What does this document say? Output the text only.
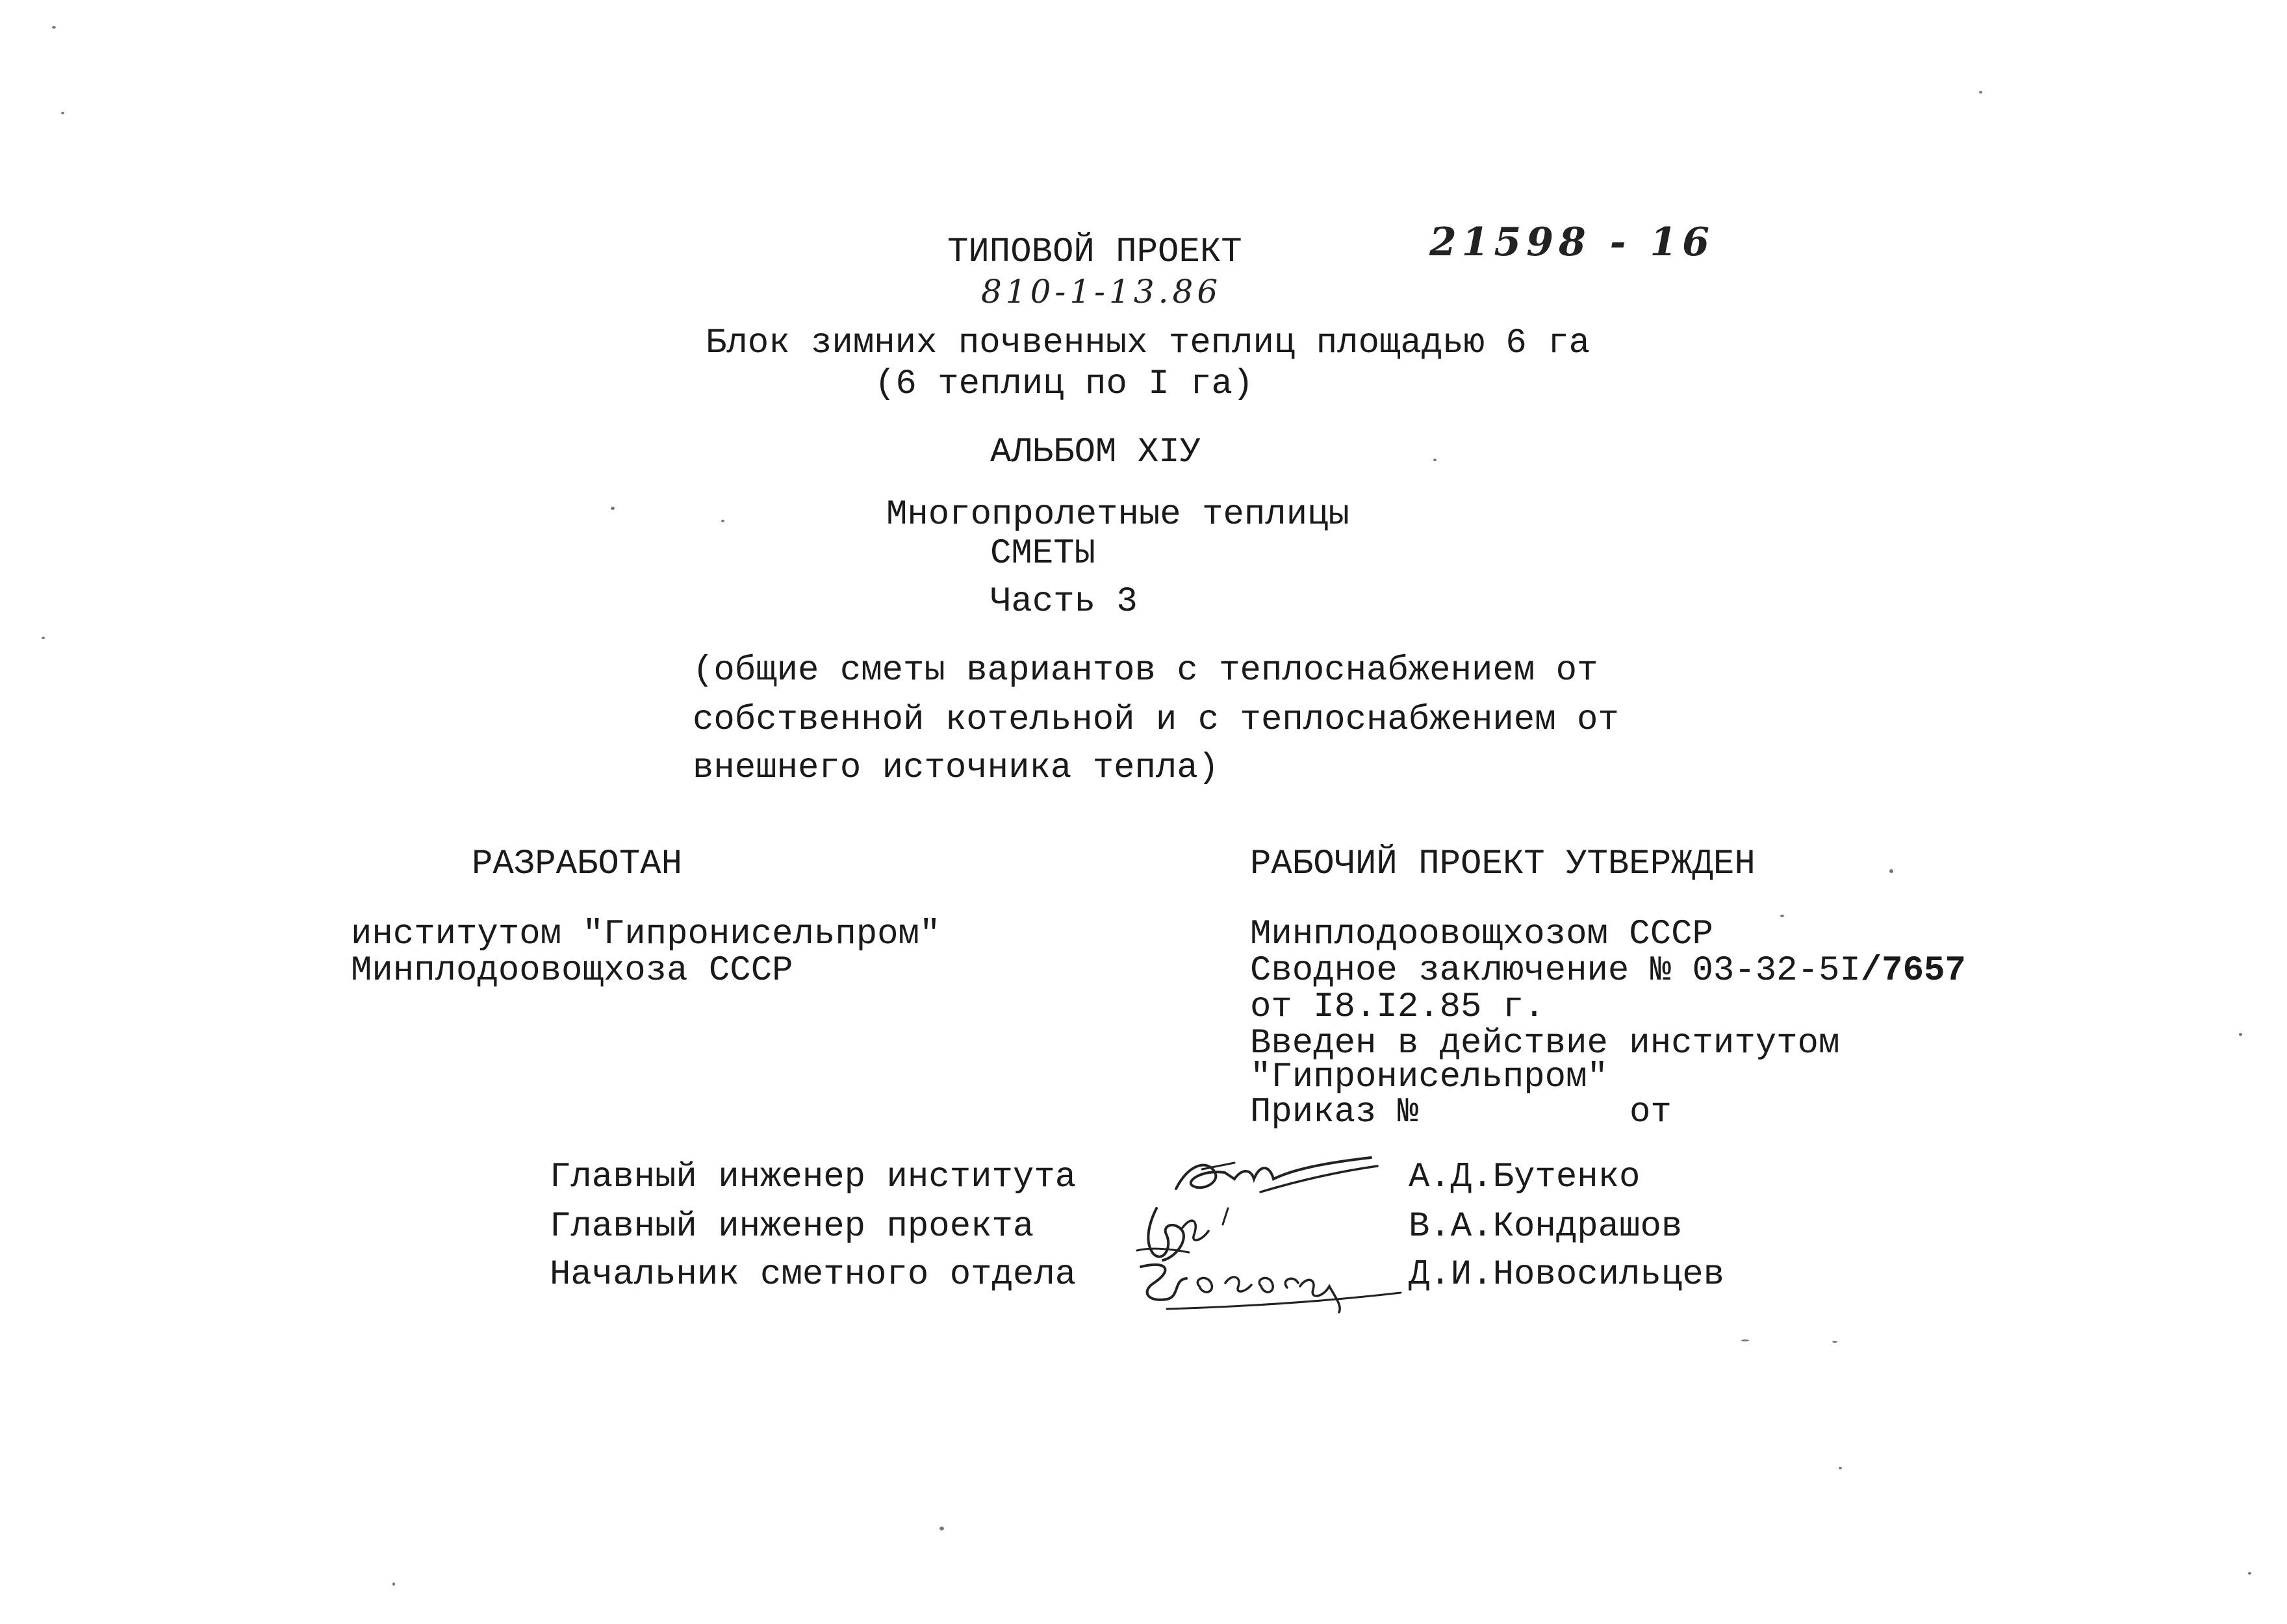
ТИПОВОЙ ПРОЕКТ
810-1-13.86
21598 - 16
Блок зимних почвенных теплиц площадью 6 га
(6 теплиц по I га)
АЛЬБОМ XIУ
Многопролетные теплицы
СМЕТЫ
Часть 3
(общие сметы вариантов с теплоснабжением от
собственной котельной и с теплоснабжением от
внешнего источника тепла)
РАЗРАБОТАН
институтом "Гипронисельпром"
Минплодоовощхоза СССР
РАБОЧИЙ ПРОЕКТ УТВЕРЖДЕН
Минплодоовощхозом СССР
Сводное заключение № 03-32-5I/7657
от I8.I2.85 г.
Введен в действие институтом
"Гипронисельпром"
Приказ №	от
Главный инженер института	А.Д.Бутенко
Главный инженер проекта	В.А.Кондрашов
Начальник сметного отдела	Д.И.Новосильцев
